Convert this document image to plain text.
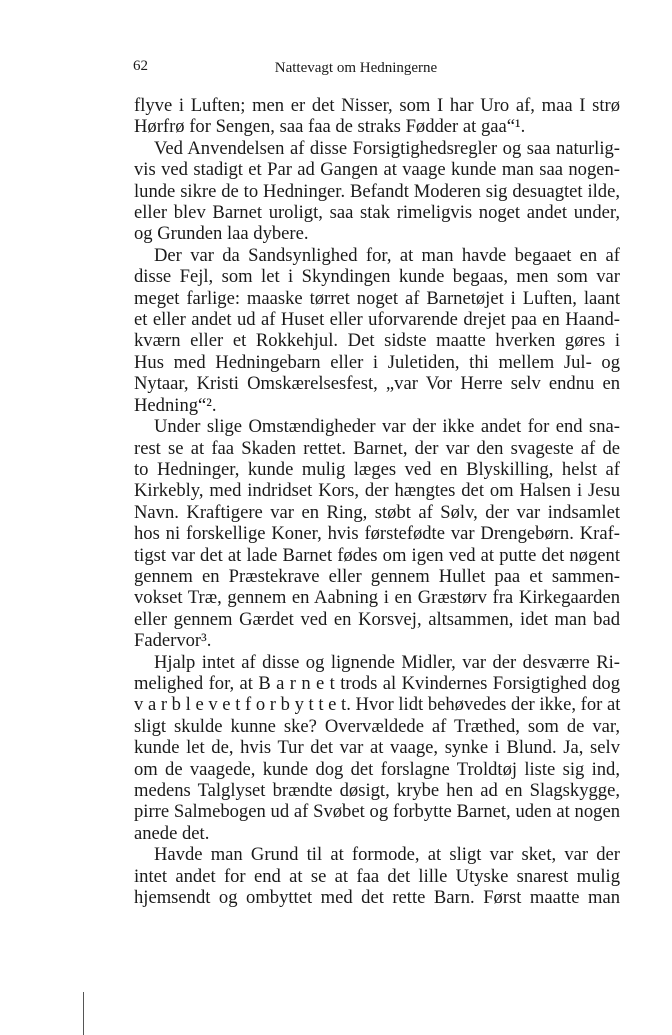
62	Nattevagt om Hedningerne
flyve i Luften; men er det Nisser, som I har Uro af, maa I strø
Hørfrø for Sengen, saa faa de straks Fødder at gaa“¹.
Ved Anvendelsen af disse Forsigtighedsregler og saa naturlig-
vis ved stadigt et Par ad Gangen at vaage kunde man saa nogen-
lunde sikre de to Hedninger. Befandt Moderen sig desuagtet ilde,
eller blev Barnet uroligt, saa stak rimeligvis noget andet under,
og Grunden laa dybere.
Der var da Sandsynlighed for, at man havde begaaet en af
disse Fejl, som let i Skyndingen kunde begaas, men som var
meget farlige: maaske tørret noget af Barnetøjet i Luften, laant
et eller andet ud af Huset eller uforvarende drejet paa en Haand-
kværn eller et Rokkehjul. Det sidste maatte hverken gøres i
Hus med Hedningebarn eller i Juletiden, thi mellem Jul- og
Nytaar, Kristi Omskærelsesfest, „var Vor Herre selv endnu en
Hedning“².
Under slige Omstændigheder var der ikke andet for end sna-
rest se at faa Skaden rettet. Barnet, der var den svageste af de
to Hedninger, kunde mulig læges ved en Blyskilling, helst af
Kirkebly, med indridset Kors, der hængtes det om Halsen i Jesu
Navn. Kraftigere var en Ring, støbt af Sølv, der var indsamlet
hos ni forskellige Koner, hvis førstefødte var Drengebørn. Kraf-
tigst var det at lade Barnet fødes om igen ved at putte det nøgent
gennem en Præstekrave eller gennem Hullet paa et sammen-
vokset Træ, gennem en Aabning i en Græstørv fra Kirkegaarden
eller gennem Gærdet ved en Korsvej, altsammen, idet man bad
Fadervor³.
Hjalp intet af disse og lignende Midler, var der desværre Ri-
melighed for, at B a r n e t trods al Kvindernes Forsigtighed dog
v a r b l e v e t f o r b y t t e t. Hvor lidt behøvedes der ikke, for at
sligt skulde kunne ske? Overvældede af Træthed, som de var,
kunde let de, hvis Tur det var at vaage, synke i Blund. Ja, selv
om de vaagede, kunde dog det forslagne Troldtøj liste sig ind,
medens Talglyset brændte døsigt, krybe hen ad en Slagskygge,
pirre Salmebogen ud af Svøbet og forbytte Barnet, uden at nogen
anede det.
Havde man Grund til at formode, at sligt var sket, var der
intet andet for end at se at faa det lille Utyske snarest mulig
hjemsendt og ombyttet med det rette Barn. Først maatte man
